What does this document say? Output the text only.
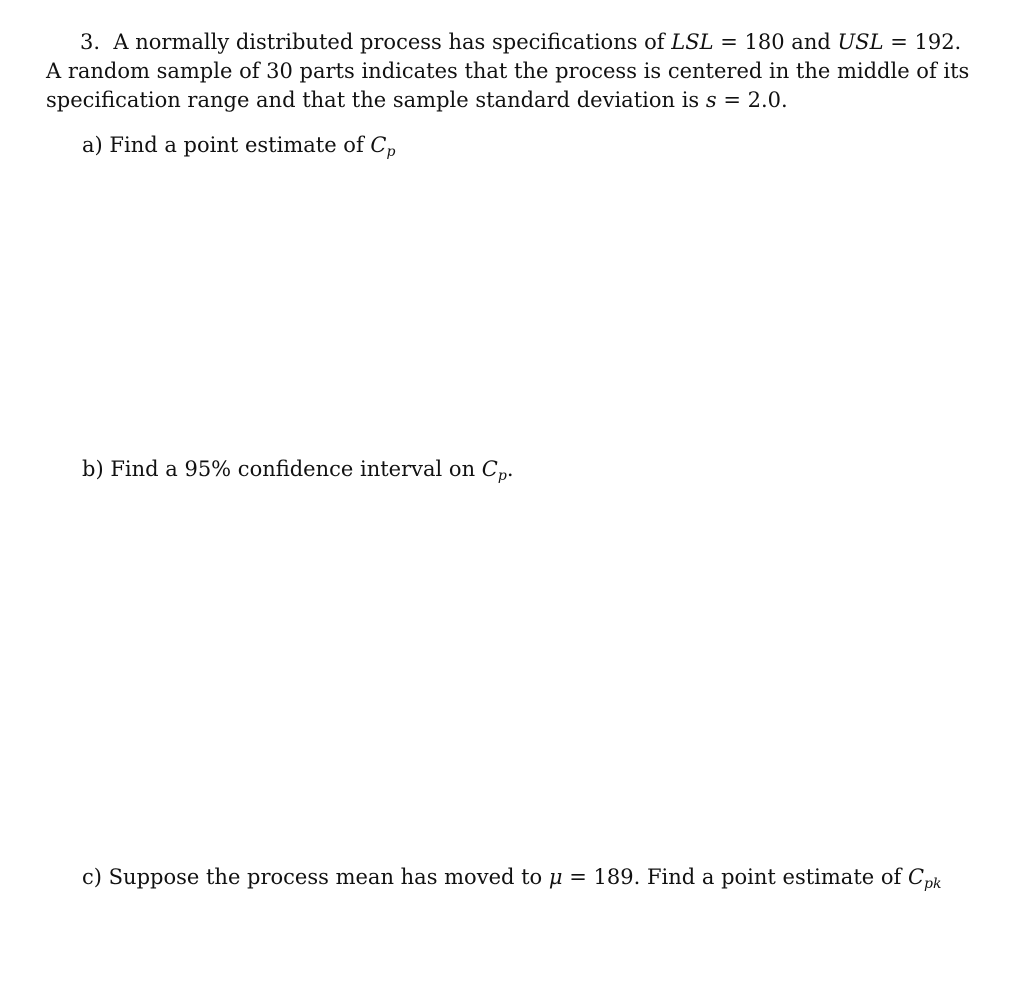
3. A normally distributed process has specifications of LSL = 180 and USL = 192.
A random sample of 30 parts indicates that the process is centered in the middle of its
specification range and that the sample standard deviation is s = 2.0.
a) Find a point estimate of $C_p$
b) Find a 95% confidence interval on $C_p$.
c) Suppose the process mean has moved to μ = 189. Find a point estimate of $C_{pk}$
